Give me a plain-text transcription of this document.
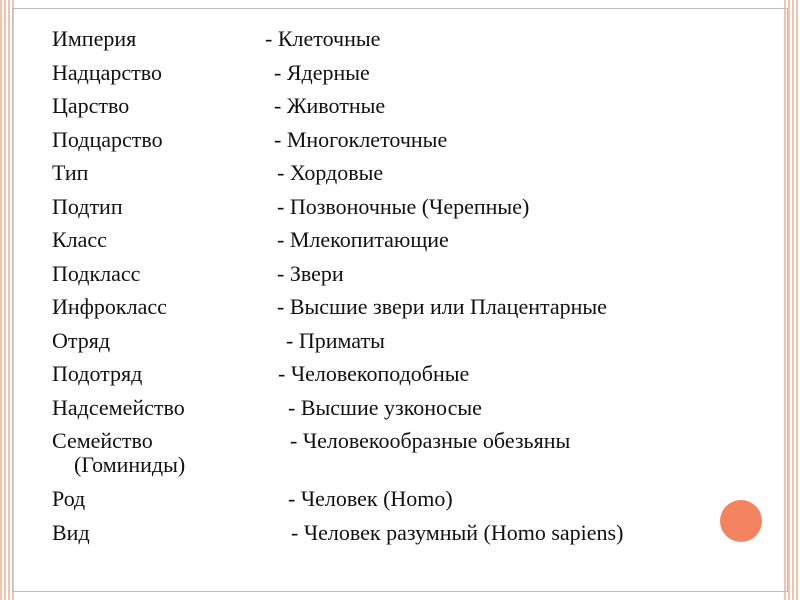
Империя	- Клеточные
Надцарство	- Ядерные
Царство	- Животные
Подцарство	- Многоклеточные
Тип	- Хордовые
Подтип	- Позвоночные (Черепные)
Класс	- Млекопитающие
Подкласс	- Звери
Инфрокласс	- Высшие звери или Плацентарные
Отряд	- Приматы
Подотряд	- Человекоподобные
Надсемейство	- Высшие узконосые
Семейство	- Человекообразные обезьяны
(Гоминиды)
Род	- Человек (Homo)
Вид	- Человек разумный (Homo sapiens)
